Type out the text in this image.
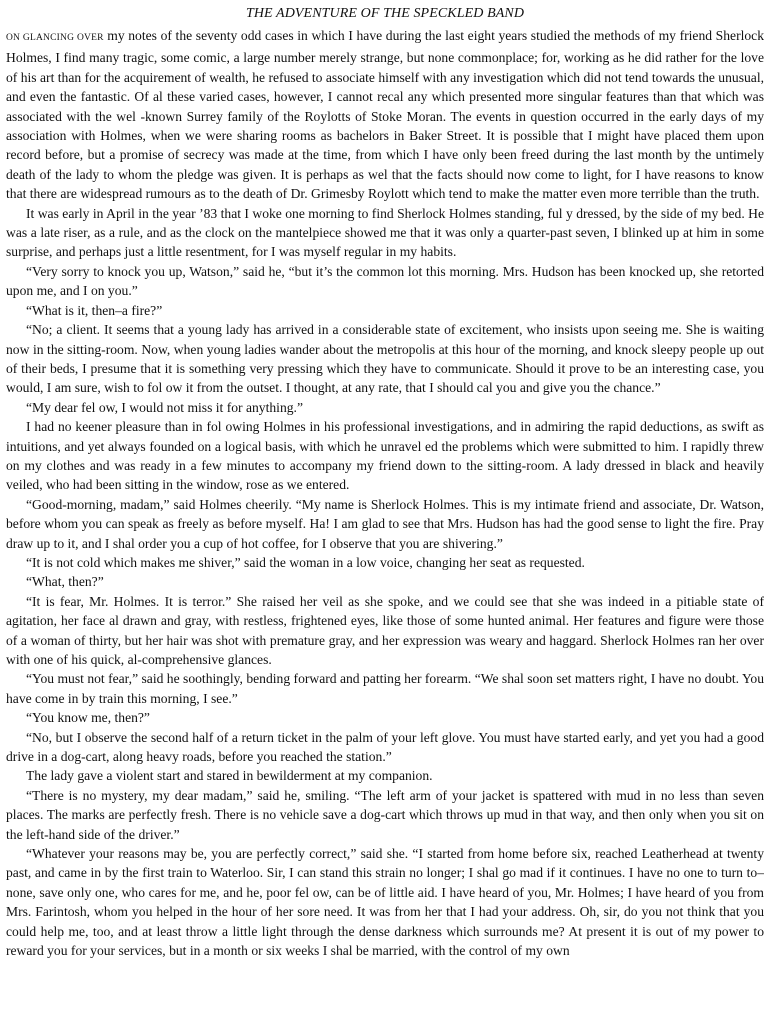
THE ADVENTURE OF THE SPECKLED BAND

ON GLANCING OVER my notes of the seventy odd cases in which I have during the last eight years studied the methods of my friend Sherlock Holmes, I find many tragic, some comic, a large number merely strange, but none commonplace; for, working as he did rather for the love of his art than for the acquirement of wealth, he refused to associate himself with any investigation which did not tend towards the unusual, and even the fantastic. Of al these varied cases, however, I cannot recal any which presented more singular features than that which was associated with the wel -known Surrey family of the Roylotts of Stoke Moran. The events in question occurred in the early days of my association with Holmes, when we were sharing rooms as bachelors in Baker Street. It is possible that I might have placed them upon record before, but a promise of secrecy was made at the time, from which I have only been freed during the last month by the untimely death of the lady to whom the pledge was given. It is perhaps as wel that the facts should now come to light, for I have reasons to know that there are widespread rumours as to the death of Dr. Grimesby Roylott which tend to make the matter even more terrible than the truth.

It was early in April in the year ’83 that I woke one morning to find Sherlock Holmes standing, ful y dressed, by the side of my bed. He was a late riser, as a rule, and as the clock on the mantelpiece showed me that it was only a quarter-past seven, I blinked up at him in some surprise, and perhaps just a little resentment, for I was myself regular in my habits.

“Very sorry to knock you up, Watson,” said he, “but it’s the common lot this morning. Mrs. Hudson has been knocked up, she retorted upon me, and I on you.”

“What is it, then–a fire?”

“No; a client. It seems that a young lady has arrived in a considerable state of excitement, who insists upon seeing me. She is waiting now in the sitting-room. Now, when young ladies wander about the metropolis at this hour of the morning, and knock sleepy people up out of their beds, I presume that it is something very pressing which they have to communicate. Should it prove to be an interesting case, you would, I am sure, wish to fol ow it from the outset. I thought, at any rate, that I should cal you and give you the chance.”

“My dear fel ow, I would not miss it for anything.”

I had no keener pleasure than in fol owing Holmes in his professional investigations, and in admiring the rapid deductions, as swift as intuitions, and yet always founded on a logical basis, with which he unravel ed the problems which were submitted to him. I rapidly threw on my clothes and was ready in a few minutes to accompany my friend down to the sitting-room. A lady dressed in black and heavily veiled, who had been sitting in the window, rose as we entered.

“Good-morning, madam,” said Holmes cheerily. “My name is Sherlock Holmes. This is my intimate friend and associate, Dr. Watson, before whom you can speak as freely as before myself. Ha! I am glad to see that Mrs. Hudson has had the good sense to light the fire. Pray draw up to it, and I shal order you a cup of hot coffee, for I observe that you are shivering.”

“It is not cold which makes me shiver,” said the woman in a low voice, changing her seat as requested.

“What, then?”

“It is fear, Mr. Holmes. It is terror.” She raised her veil as she spoke, and we could see that she was indeed in a pitiable state of agitation, her face al drawn and gray, with restless, frightened eyes, like those of some hunted animal. Her features and figure were those of a woman of thirty, but her hair was shot with premature gray, and her expression was weary and haggard. Sherlock Holmes ran her over with one of his quick, al-comprehensive glances.

“You must not fear,” said he soothingly, bending forward and patting her forearm. “We shal soon set matters right, I have no doubt. You have come in by train this morning, I see.”

“You know me, then?”

“No, but I observe the second half of a return ticket in the palm of your left glove. You must have started early, and yet you had a good drive in a dog-cart, along heavy roads, before you reached the station.”

The lady gave a violent start and stared in bewilderment at my companion.

“There is no mystery, my dear madam,” said he, smiling. “The left arm of your jacket is spattered with mud in no less than seven places. The marks are perfectly fresh. There is no vehicle save a dog-cart which throws up mud in that way, and then only when you sit on the left-hand side of the driver.”

“Whatever your reasons may be, you are perfectly correct,” said she. “I started from home before six, reached Leatherhead at twenty past, and came in by the first train to Waterloo. Sir, I can stand this strain no longer; I shal go mad if it continues. I have no one to turn to–none, save only one, who cares for me, and he, poor fel ow, can be of little aid. I have heard of you, Mr. Holmes; I have heard of you from Mrs. Farintosh, whom you helped in the hour of her sore need. It was from her that I had your address. Oh, sir, do you not think that you could help me, too, and at least throw a little light through the dense darkness which surrounds me? At present it is out of my power to reward you for your services, but in a month or six weeks I shal be married, with the control of my own
